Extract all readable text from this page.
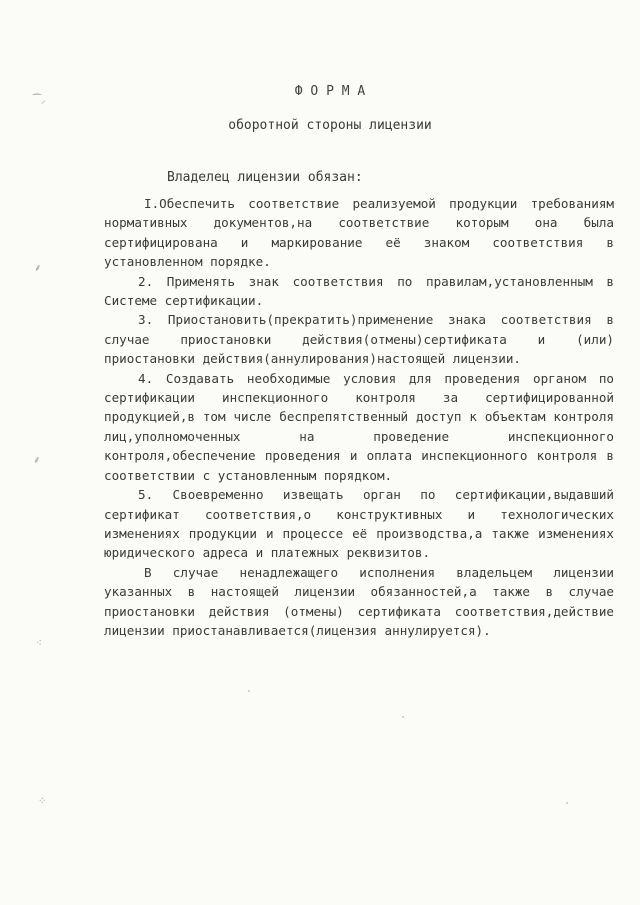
Ф О Р М А
оборотной стороны лицензии
Владелец лицензии обязан:

I.Обеспечить соответствие реализуемой продукции требованиям нормативных документов,на соответствие которым она была сертифицирована и маркирование её знаком соответствия в установленном порядке.

2. Применять знак соответствия по правилам,установленным в Системе сертификации.

3. Приостановить(прекратить)применение знака соответствия в случае приостановки действия(отмены)сертификата и (или) приостановки действия(аннулирования)настоящей лицензии.

4. Создавать необходимые условия для проведения органом по сертификации инспекционного контроля за сертифицированной продукцией,в том числе беспрепятственный доступ к объектам контроля лиц,уполномоченных на проведение инспекционного контроля,обеспечение проведения и оплата инспекционного контроля в соответствии с установленным порядком.

5. Своевременно извещать орган по сертификации,выдавший сертификат соответствия,о конструктивных и технологических изменениях продукции и процессе её производства,а также изменениях юридического адреса и платежных реквизитов.

В случае ненадлежащего исполнения владельцем лицензии указанных в настоящей лицензии обязанностей,а также в случае приостановки действия (отмены) сертификата соответствия,действие лицензии приостанавливается(лицензия аннулируется).

⁀⸝
⸙
⸙
⁖
⁘
